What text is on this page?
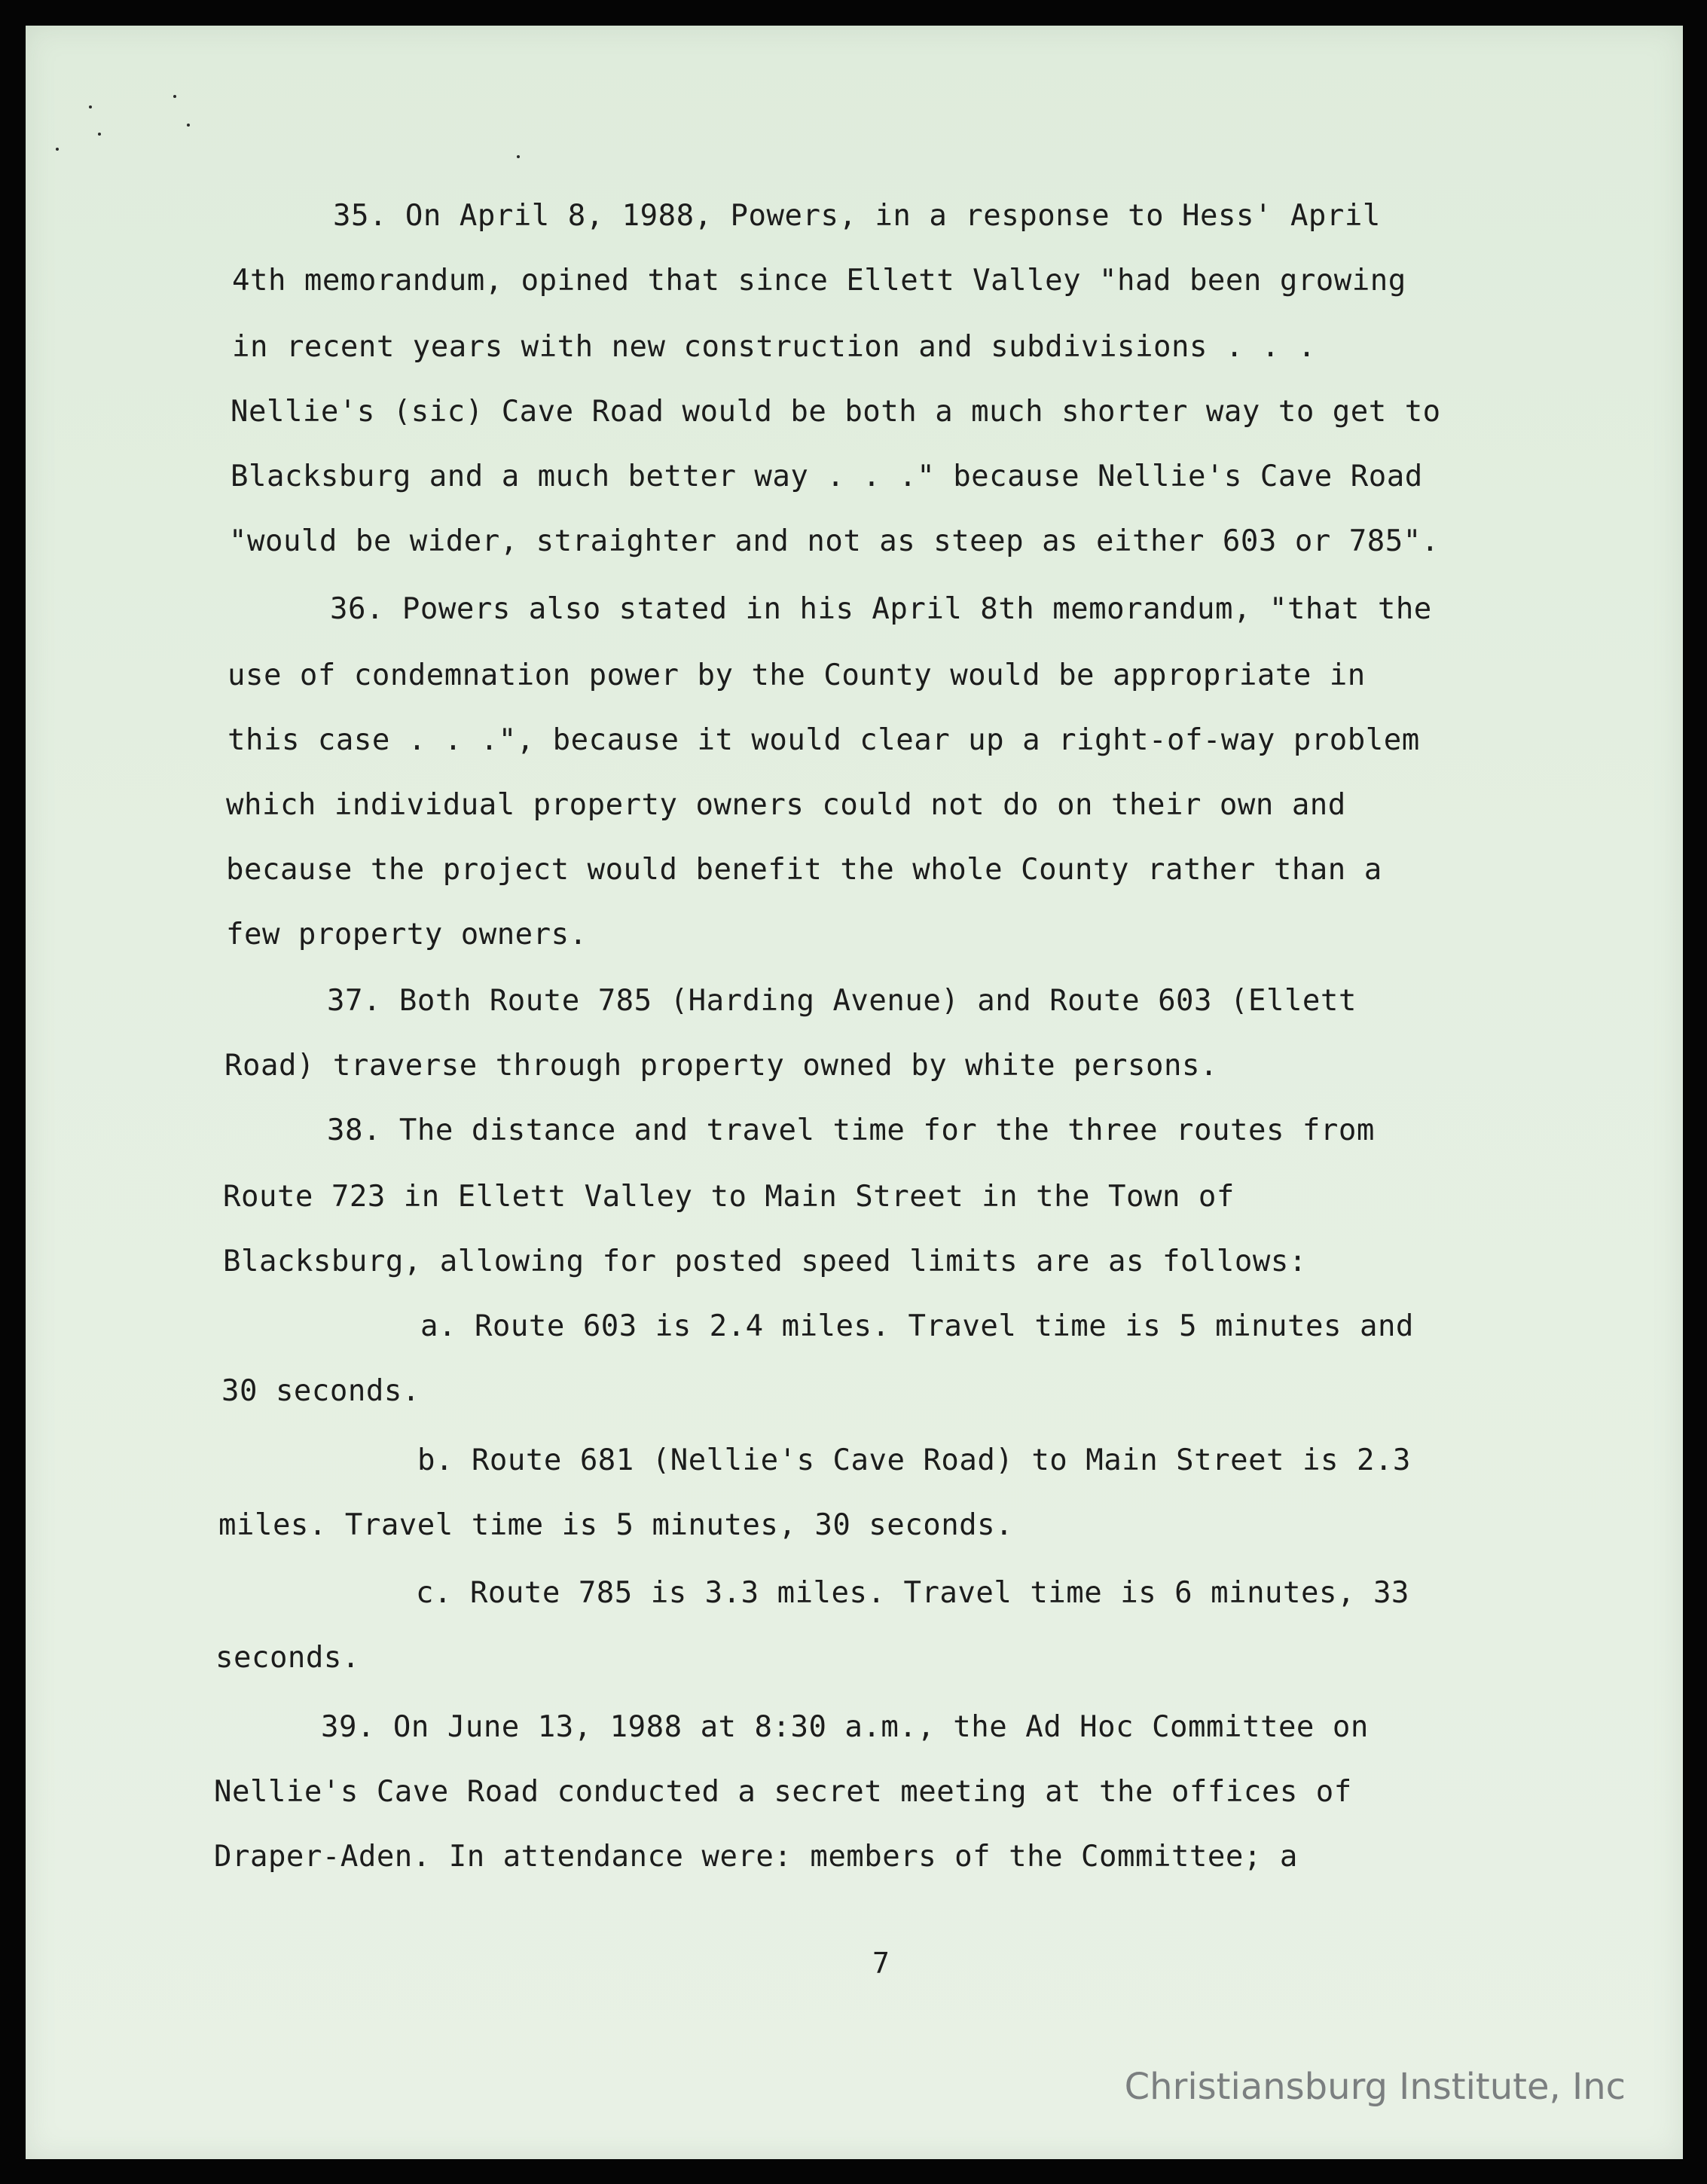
35. On April 8, 1988, Powers, in a response to Hess' April
4th memorandum, opined that since Ellett Valley "had been growing
in recent years with new construction and subdivisions . . .
Nellie's (sic) Cave Road would be both a much shorter way to get to
Blacksburg and a much better way . . ." because Nellie's Cave Road
"would be wider, straighter and not as steep as either 603 or 785".
36. Powers also stated in his April 8th memorandum, "that the
use of condemnation power by the County would be appropriate in
this case . . .", because it would clear up a right-of-way problem
which individual property owners could not do on their own and
because the project would benefit the whole County rather than a
few property owners.
37. Both Route 785 (Harding Avenue) and Route 603 (Ellett
Road) traverse through property owned by white persons.
38. The distance and travel time for the three routes from
Route 723 in Ellett Valley to Main Street in the Town of
Blacksburg, allowing for posted speed limits are as follows:
a. Route 603 is 2.4 miles. Travel time is 5 minutes and
30 seconds.
b. Route 681 (Nellie's Cave Road) to Main Street is 2.3
miles. Travel time is 5 minutes, 30 seconds.
c. Route 785 is 3.3 miles. Travel time is 6 minutes, 33
seconds.
39. On June 13, 1988 at 8:30 a.m., the Ad Hoc Committee on
Nellie's Cave Road conducted a secret meeting at the offices of
Draper-Aden. In attendance were: members of the Committee; a
7
Christiansburg Institute, Inc
